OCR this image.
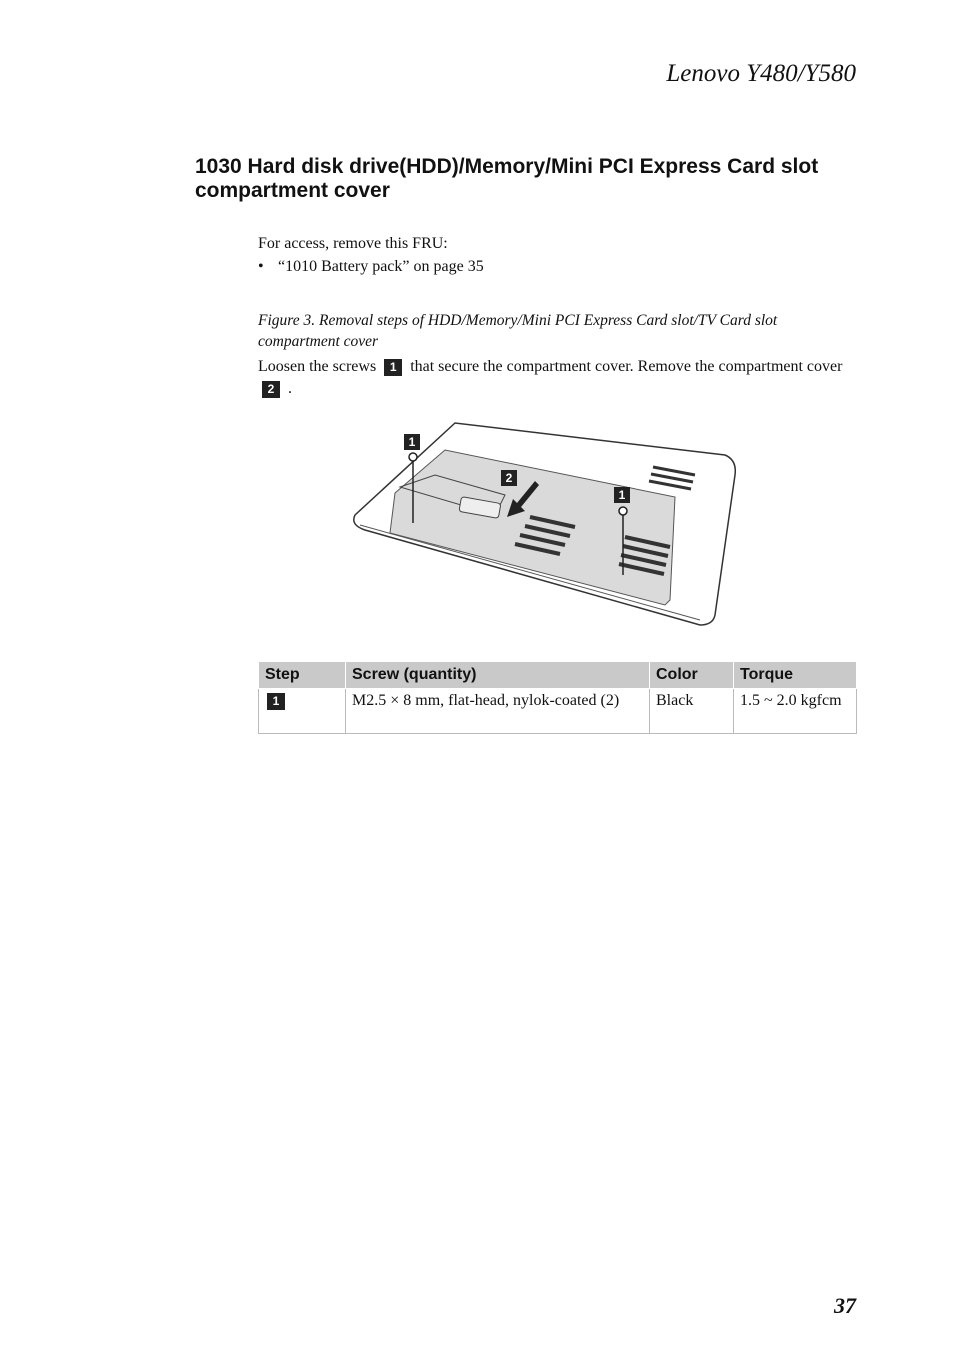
Lenovo Y480/Y580
1030 Hard disk drive(HDD)/Memory/Mini PCI Express Card slot compartment cover
For access, remove this FRU:
• “1010 Battery pack” on page 35
Figure 3. Removal steps of HDD/Memory/Mini PCI Express Card slot/TV Card slot compartment cover
Loosen the screws 1 that secure the compartment cover. Remove the compartment cover 2 .
1
2
1
Step	Screw (quantity)	Color	Torque
1	M2.5 × 8 mm, flat-head, nylok-coated (2)	Black	1.5 ~ 2.0 kgfcm
37
